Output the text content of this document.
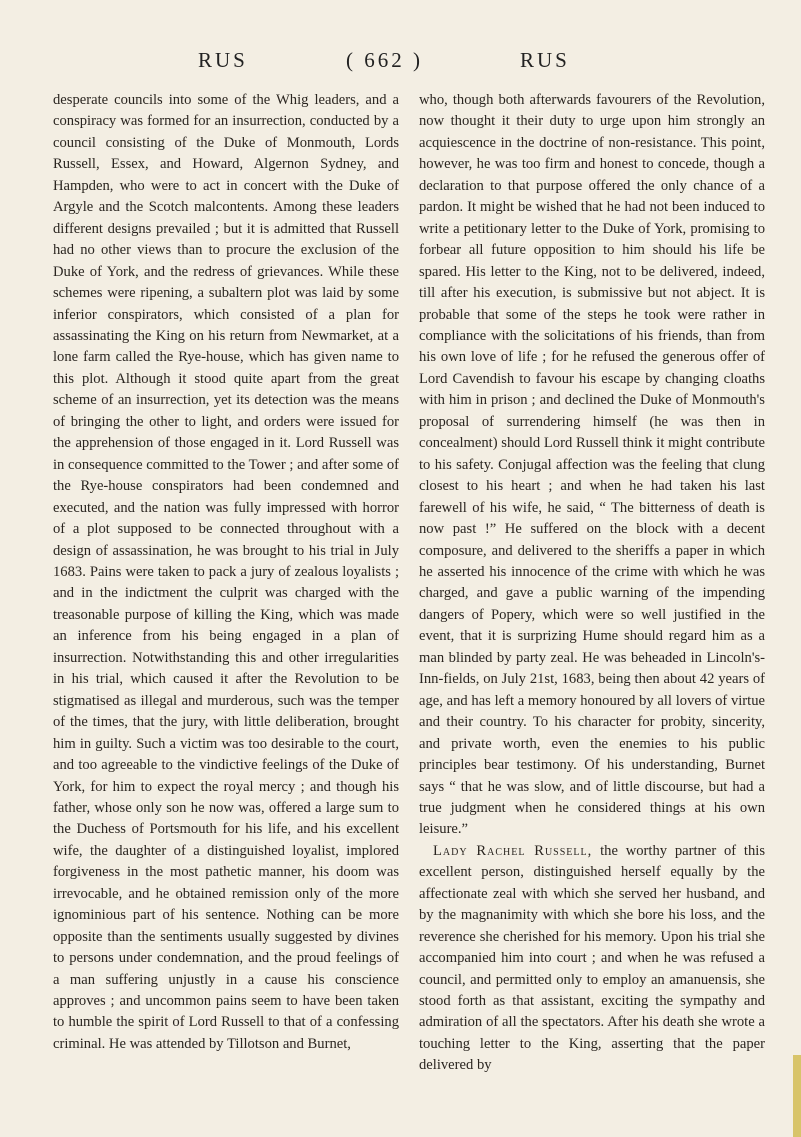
RUS	( 662 )	RUS

desperate councils into some of the Whig leaders, and a conspiracy was formed for an insurrection, conducted by a council consisting of the Duke of Monmouth, Lords Russell, Essex, and Howard, Algernon Sydney, and Hampden, who were to act in concert with the Duke of Argyle and the Scotch malcontents. Among these leaders different designs prevailed ; but it is admitted that Russell had no other views than to procure the exclusion of the Duke of York, and the redress of grievances. While these schemes were ripening, a subaltern plot was laid by some inferior conspirators, which consisted of a plan for assassinating the King on his return from Newmarket, at a lone farm called the Rye-house, which has given name to this plot. Although it stood quite apart from the great scheme of an insurrection, yet its detection was the means of bringing the other to light, and orders were issued for the apprehension of those engaged in it. Lord Russell was in consequence committed to the Tower ; and after some of the Rye-house conspirators had been condemned and executed, and the nation was fully impressed with horror of a plot supposed to be connected throughout with a design of assassination, he was brought to his trial in July 1683. Pains were taken to pack a jury of zealous loyalists ; and in the indictment the culprit was charged with the treasonable purpose of killing the King, which was made an inference from his being engaged in a plan of insurrection. Notwithstanding this and other irregularities in his trial, which caused it after the Revolution to be stigmatised as illegal and murderous, such was the temper of the times, that the jury, with little deliberation, brought him in guilty. Such a victim was too desirable to the court, and too agreeable to the vindictive feelings of the Duke of York, for him to expect the royal mercy ; and though his father, whose only son he now was, offered a large sum to the Duchess of Portsmouth for his life, and his excellent wife, the daughter of a distinguished loyalist, implored forgiveness in the most pathetic manner, his doom was irrevocable, and he obtained remission only of the more ignominious part of his sentence. Nothing can be more opposite than the sentiments usually suggested by divines to persons under condemnation, and the proud feelings of a man suffering unjustly in a cause his conscience approves ; and uncommon pains seem to have been taken to humble the spirit of Lord Russell to that of a confessing criminal. He was attended by Tillotson and Burnet,

who, though both afterwards favourers of the Revolution, now thought it their duty to urge upon him strongly an acquiescence in the doctrine of non-resistance. This point, however, he was too firm and honest to concede, though a declaration to that purpose offered the only chance of a pardon. It might be wished that he had not been induced to write a petitionary letter to the Duke of York, promising to forbear all future opposition to him should his life be spared. His letter to the King, not to be delivered, indeed, till after his execution, is submissive but not abject. It is probable that some of the steps he took were rather in compliance with the solicitations of his friends, than from his own love of life ; for he refused the generous offer of Lord Cavendish to favour his escape by changing cloaths with him in prison ; and declined the Duke of Monmouth's proposal of surrendering himself (he was then in concealment) should Lord Russell think it might contribute to his safety. Conjugal affection was the feeling that clung closest to his heart ; and when he had taken his last farewell of his wife, he said, “ The bitterness of death is now past !” He suffered on the block with a decent composure, and delivered to the sheriffs a paper in which he asserted his innocence of the crime with which he was charged, and gave a public warning of the impending dangers of Popery, which were so well justified in the event, that it is surprizing Hume should regard him as a man blinded by party zeal. He was beheaded in Lincoln's-Inn-fields, on July 21st, 1683, being then about 42 years of age, and has left a memory honoured by all lovers of virtue and their country. To his character for probity, sincerity, and private worth, even the enemies to his public principles bear testimony. Of his understanding, Burnet says “ that he was slow, and of little discourse, but had a true judgment when he considered things at his own leisure.”

Lady Rachel Russell, the worthy partner of this excellent person, distinguished herself equally by the affectionate zeal with which she served her husband, and by the magnanimity with which she bore his loss, and the reverence she cherished for his memory. Upon his trial she accompanied him into court ; and when he was refused a council, and permitted only to employ an amanuensis, she stood forth as that assistant, exciting the sympathy and admiration of all the spectators. After his death she wrote a touching letter to the King, asserting that the paper delivered by
